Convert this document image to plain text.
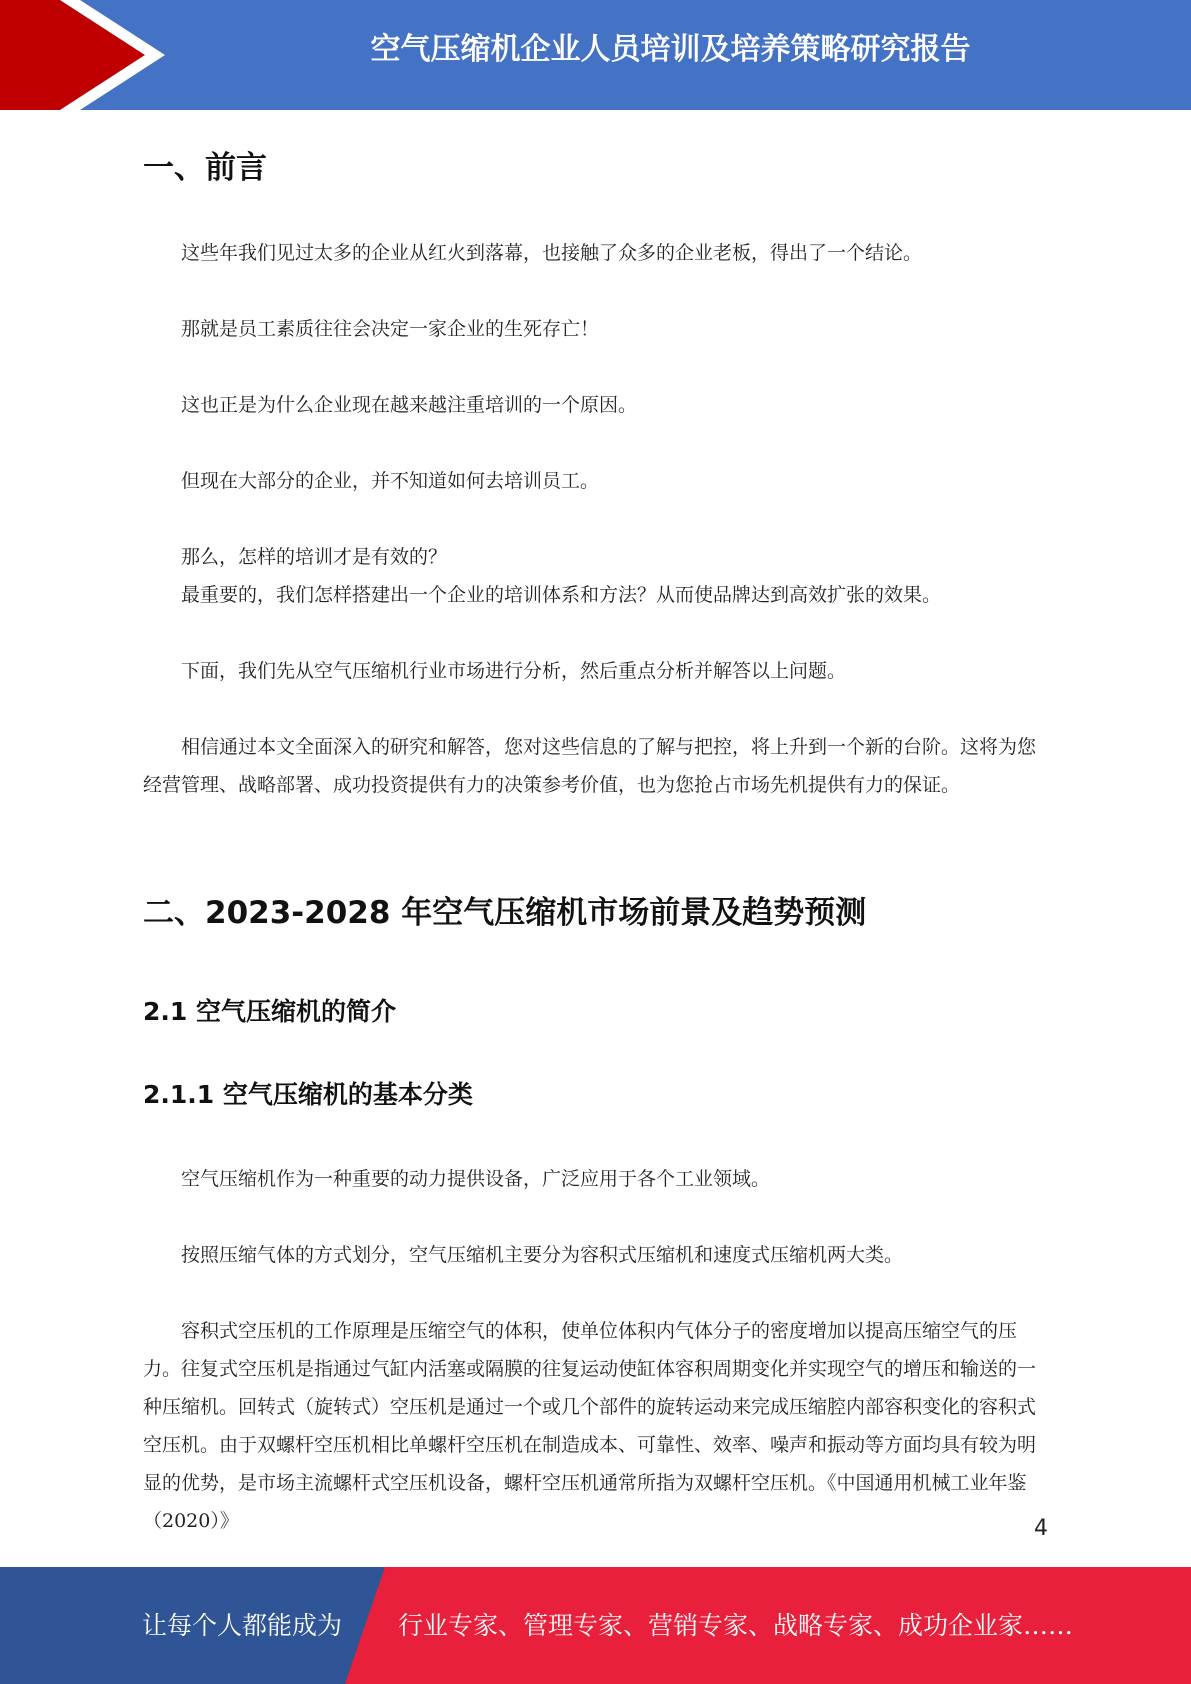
空气压缩机企业人员培训及培养策略研究报告
一、前言

这些年我们见过太多的企业从红火到落幕，也接触了众多的企业老板，得出了一个结论。

那就是员工素质往往会决定一家企业的生死存亡！

这也正是为什么企业现在越来越注重培训的一个原因。

但现在大部分的企业，并不知道如何去培训员工。

那么，怎样的培训才是有效的？

最重要的，我们怎样搭建出一个企业的培训体系和方法？从而使品牌达到高效扩张的效果。

下面，我们先从空气压缩机行业市场进行分析，然后重点分析并解答以上问题。

相信通过本文全面深入的研究和解答，您对这些信息的了解与把控，将上升到一个新的台阶。这将为您经营管理、战略部署、成功投资提供有力的决策参考价值，也为您抢占市场先机提供有力的保证。

二、2023-2028 年空气压缩机市场前景及趋势预测
2.1 空气压缩机的简介
2.1.1 空气压缩机的基本分类

空气压缩机作为一种重要的动力提供设备，广泛应用于各个工业领域。

按照压缩气体的方式划分，空气压缩机主要分为容积式压缩机和速度式压缩机两大类。

容积式空压机的工作原理是压缩空气的体积，使单位体积内气体分子的密度增加以提高压缩空气的压力。往复式空压机是指通过气缸内活塞或隔膜的往复运动使缸体容积周期变化并实现空气的增压和输送的一种压缩机。回转式（旋转式）空压机是通过一个或几个部件的旋转运动来完成压缩腔内部容积变化的容积式空压机。由于双螺杆空压机相比单螺杆空压机在制造成本、可靠性、效率、噪声和振动等方面均具有较为明显的优势，是市场主流螺杆式空压机设备，螺杆空压机通常所指为双螺杆空压机。《中国通用机械工业年鉴（2020）》	4
让每个人都能成为 行业专家、管理专家、营销专家、战略专家、成功企业家……
